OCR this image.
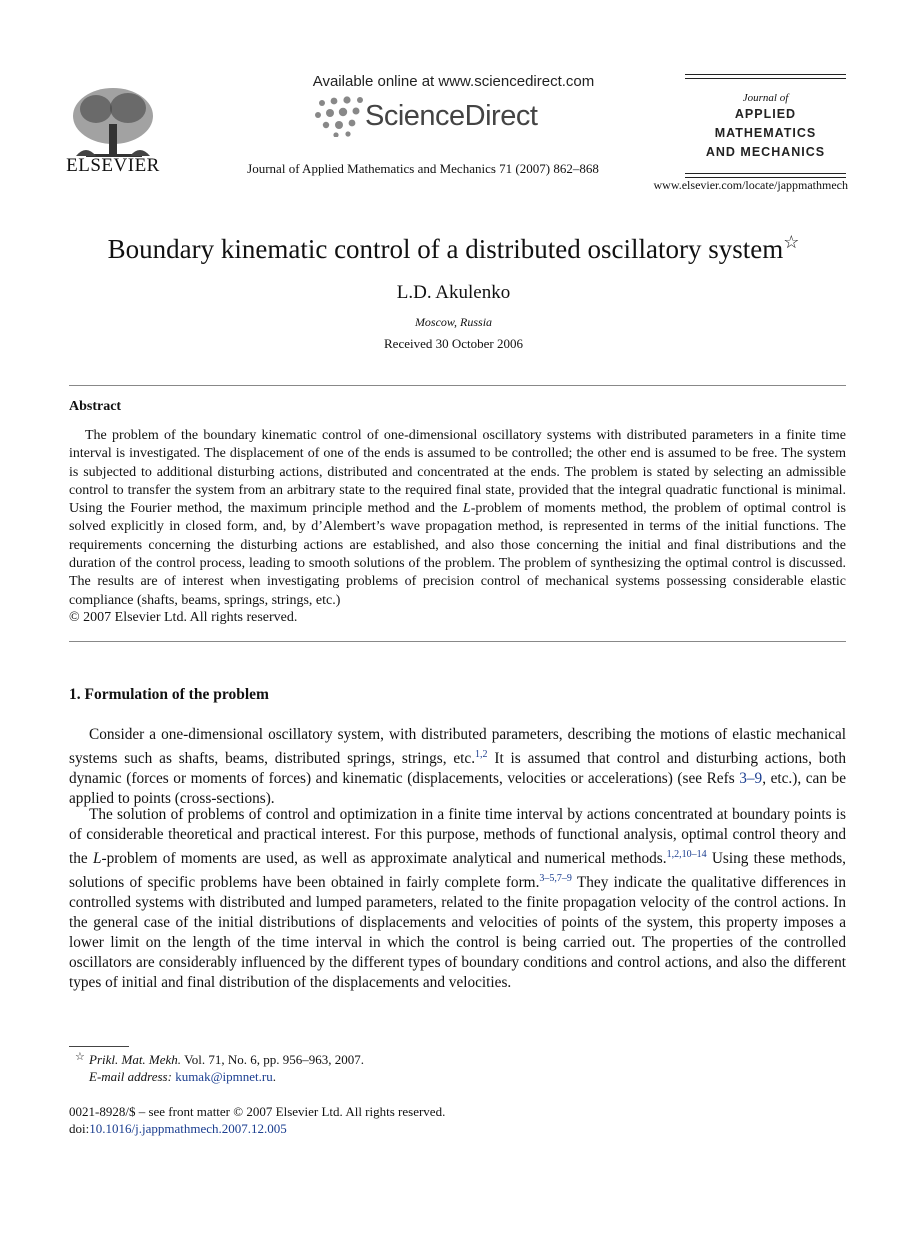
ELSEVIER
Available online at www.sciencedirect.com
ScienceDirect
Journal of Applied Mathematics and Mechanics 71 (2007) 862–868
Journal of
APPLIED
MATHEMATICS
AND MECHANICS
www.elsevier.com/locate/jappmathmech
Boundary kinematic control of a distributed oscillatory system☆
L.D. Akulenko
Moscow, Russia
Received 30 October 2006
Abstract
The problem of the boundary kinematic control of one-dimensional oscillatory systems with distributed parameters in a finite time interval is investigated. The displacement of one of the ends is assumed to be controlled; the other end is assumed to be free. The system is subjected to additional disturbing actions, distributed and concentrated at the ends. The problem is stated by selecting an admissible control to transfer the system from an arbitrary state to the required final state, provided that the integral quadratic functional is minimal. Using the Fourier method, the maximum principle method and the L-problem of moments method, the problem of optimal control is solved explicitly in closed form, and, by d’Alembert’s wave propagation method, is represented in terms of the initial functions. The requirements concerning the disturbing actions are established, and also those concerning the initial and final distributions and the duration of the control process, leading to smooth solutions of the problem. The problem of synthesizing the optimal control is discussed. The results are of interest when investigating problems of precision control of mechanical systems possessing considerable elastic compliance (shafts, beams, springs, strings, etc.)
© 2007 Elsevier Ltd. All rights reserved.
1. Formulation of the problem
Consider a one-dimensional oscillatory system, with distributed parameters, describing the motions of elastic mechanical systems such as shafts, beams, distributed springs, strings, etc.$^{1,2}$ It is assumed that control and disturbing actions, both dynamic (forces or moments of forces) and kinematic (displacements, velocities or accelerations) (see Refs 3–9, etc.), can be applied to points (cross-sections).
The solution of problems of control and optimization in a finite time interval by actions concentrated at boundary points is of considerable theoretical and practical interest. For this purpose, methods of functional analysis, optimal control theory and the L-problem of moments are used, as well as approximate analytical and numerical methods.$^{1,2,10-14}$ Using these methods, solutions of specific problems have been obtained in fairly complete form.$^{3-5,7-9}$ They indicate the qualitative differences in controlled systems with distributed and lumped parameters, related to the finite propagation velocity of the control actions. In the general case of the initial distributions of displacements and velocities of points of the system, this property imposes a lower limit on the length of the time interval in which the control is being carried out. The properties of the controlled oscillators are considerably influenced by the different types of boundary conditions and control actions, and also the different types of initial and final distribution of the displacements and velocities.
☆ Prikl. Mat. Mekh. Vol. 71, No. 6, pp. 956–963, 2007.
E-mail address: kumak@ipmnet.ru.
0021-8928/$ – see front matter © 2007 Elsevier Ltd. All rights reserved.
doi:10.1016/j.jappmathmech.2007.12.005
